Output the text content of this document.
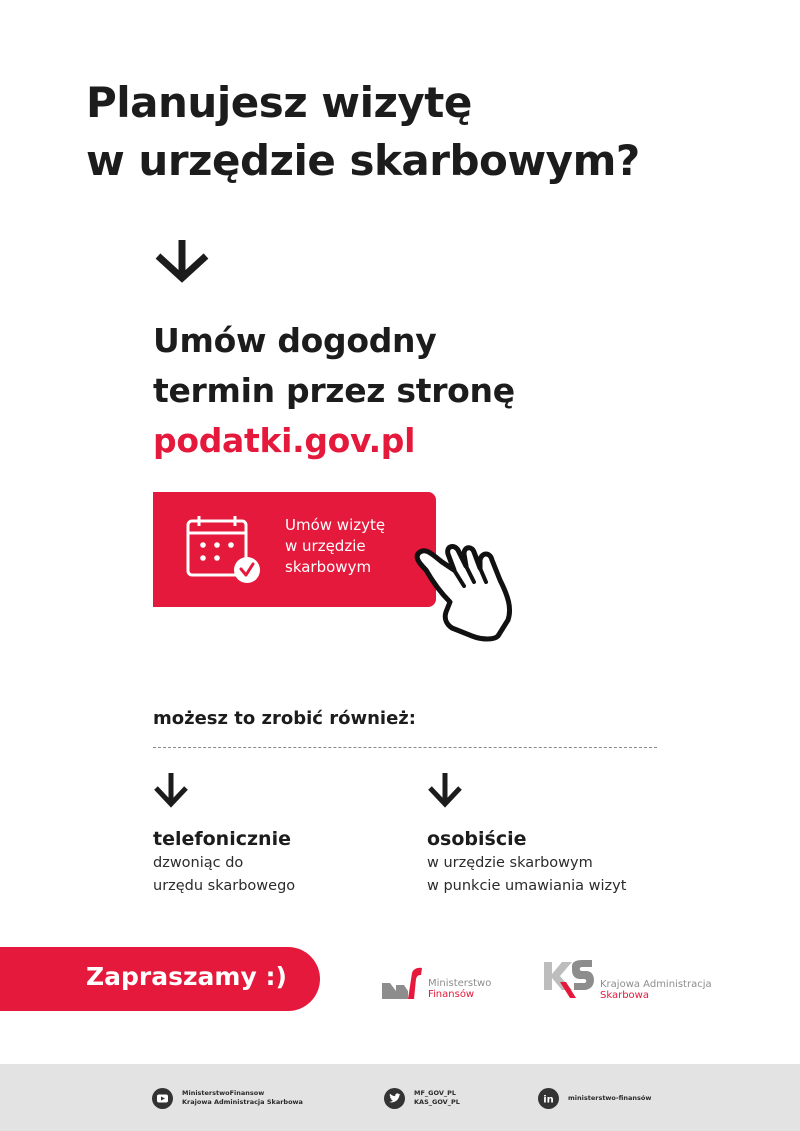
Planujesz wizytę
w urzędzie skarbowym?
Umów dogodny
termin przez stronę
podatki.gov.pl
Umów wizytę
w urzędzie
skarbowym
możesz to zrobić również:
telefonicznie
dzwoniąc do
urzędu skarbowego
osobiście
w urzędzie skarbowym
w punkcie umawiania wizyt
Zapraszamy :)	Ministerstwo
Finansów
Krajowa Administracja
Skarbowa
MinisterstwoFinansow
Krajowa Administracja Skarbowa
MF_GOV_PL
KAS_GOV_PL	in ministerstwo-finansów
